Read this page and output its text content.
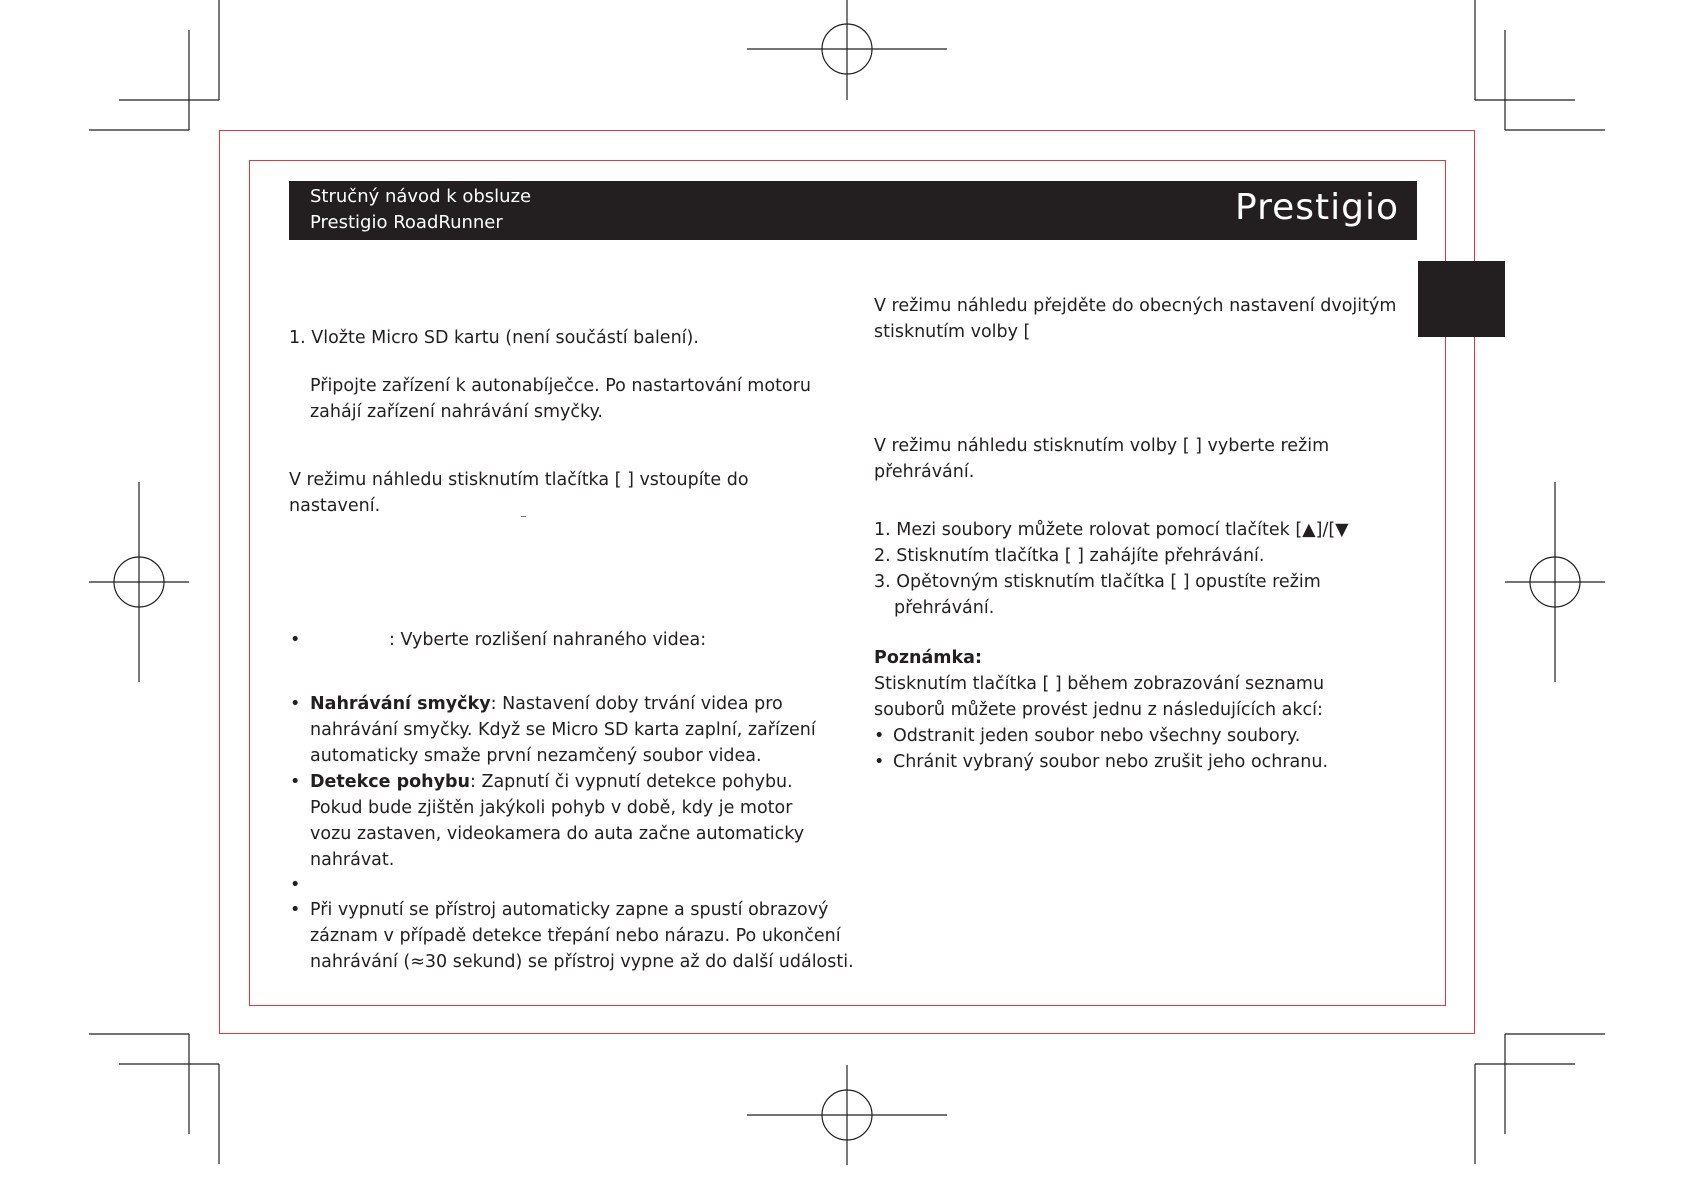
Stručný návod k obsluze
Prestigio RoadRunner	Prestigio
1. Vložte Micro SD kartu (není součástí balení).
Připojte zařízení k autonabíječce. Po nastartování motoru
zahájí zařízení nahrávání smyčky.
V režimu náhledu stisknutím tlačítka [ ] vstoupíte do
nastavení.
•	: Vyberte rozlišení nahraného videa:
• Nahrávání smyčky: Nastavení doby trvání videa pro
nahrávání smyčky. Když se Micro SD karta zaplní, zařízení
automaticky smaže první nezamčený soubor videa.
• Detekce pohybu: Zapnutí či vypnutí detekce pohybu.
Pokud bude zjištěn jakýkoli pohyb v době, kdy je motor
vozu zastaven, videokamera do auta začne automaticky
nahrávat.
•
• Při vypnutí se přístroj automaticky zapne a spustí obrazový
záznam v případě detekce třepání nebo nárazu. Po ukončení
nahrávání (≈30 sekund) se přístroj vypne až do další události.
V režimu náhledu přejděte do obecných nastavení dvojitým
stisknutím volby [
V režimu náhledu stisknutím volby [ ] vyberte režim
přehrávání.
1. Mezi soubory můžete rolovat pomocí tlačítek [▲]/[▼
2. Stisknutím tlačítka [ ] zahájíte přehrávání.
3. Opětovným stisknutím tlačítka [ ] opustíte režim
přehrávání.
Poznámka:
Stisknutím tlačítka [ ] během zobrazování seznamu
souborů můžete provést jednu z následujících akcí:
• Odstranit jeden soubor nebo všechny soubory.
• Chránit vybraný soubor nebo zrušit jeho ochranu.
